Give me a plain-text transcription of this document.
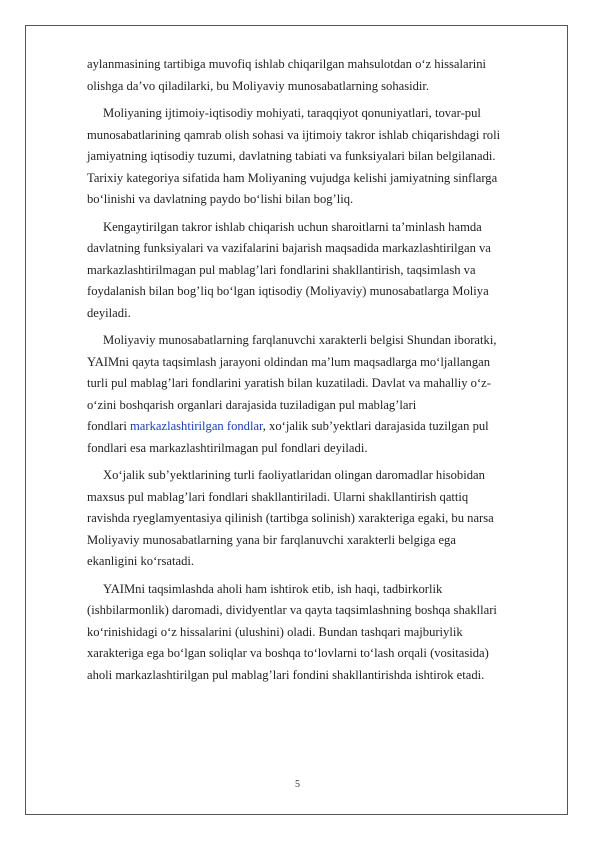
aylanmasining tartibiga muvofiq ishlab chiqarilgan mahsulotdan o‘z hissalarini
olishga da’vo qiladilarki, bu Moliyaviy munosabatlarning sohasidir.
Moliyaning ijtimoiy-iqtisodiy mohiyati, taraqqiyot qonuniyatlari, tovar-pul
munosabatlarining qamrab olish sohasi va ijtimoiy takror ishlab chiqarishdagi roli
jamiyatning iqtisodiy tuzumi, davlatning tabiati va funksiyalari bilan belgilanadi.
Tarixiy kategoriya sifatida ham Moliyaning vujudga kelishi jamiyatning sinflarga
bo‘linishi va davlatning paydo bo‘lishi bilan bog’liq.
Kengaytirilgan takror ishlab chiqarish uchun sharoitlarni ta’minlash hamda
davlatning funksiyalari va vazifalarini bajarish maqsadida markazlashtirilgan va
markazlashtirilmagan pul mablag’lari fondlarini shakllantirish, taqsimlash va
foydalanish bilan bog’liq bo‘lgan iqtisodiy (Moliyaviy) munosabatlarga Moliya
deyiladi.
Moliyaviy munosabatlarning farqlanuvchi xarakterli belgisi Shundan iboratki,
YAIMni qayta taqsimlash jarayoni oldindan ma’lum maqsadlarga mo‘ljallangan
turli pul mablag’lari fondlarini yaratish bilan kuzatiladi. Davlat va mahalliy o‘z-
o‘zini boshqarish organlari darajasida tuziladigan pul mablag’lari
fondlari markazlashtirilgan fondlar, xo‘jalik sub’yektlari darajasida tuzilgan pul
fondlari esa markazlashtirilmagan pul fondlari deyiladi.
Xo‘jalik sub’yektlarining turli faoliyatlaridan olingan daromadlar hisobidan
maxsus pul mablag’lari fondlari shakllantiriladi. Ularni shakllantirish qattiq
ravishda ryeglamyentasiya qilinish (tartibga solinish) xarakteriga egaki, bu narsa
Moliyaviy munosabatlarning yana bir farqlanuvchi xarakterli belgiga ega
ekanligini ko‘rsatadi.
YAIMni taqsimlashda aholi ham ishtirok etib, ish haqi, tadbirkorlik
(ishbilarmonlik) daromadi, dividyentlar va qayta taqsimlashning boshqa shakllari
ko‘rinishidagi o‘z hissalarini (ulushini) oladi. Bundan tashqari majburiylik
xarakteriga ega bo‘lgan soliqlar va boshqa to‘lovlarni to‘lash orqali (vositasida)
aholi markazlashtirilgan pul mablag’lari fondini shakllantirishda ishtirok etadi.
5
